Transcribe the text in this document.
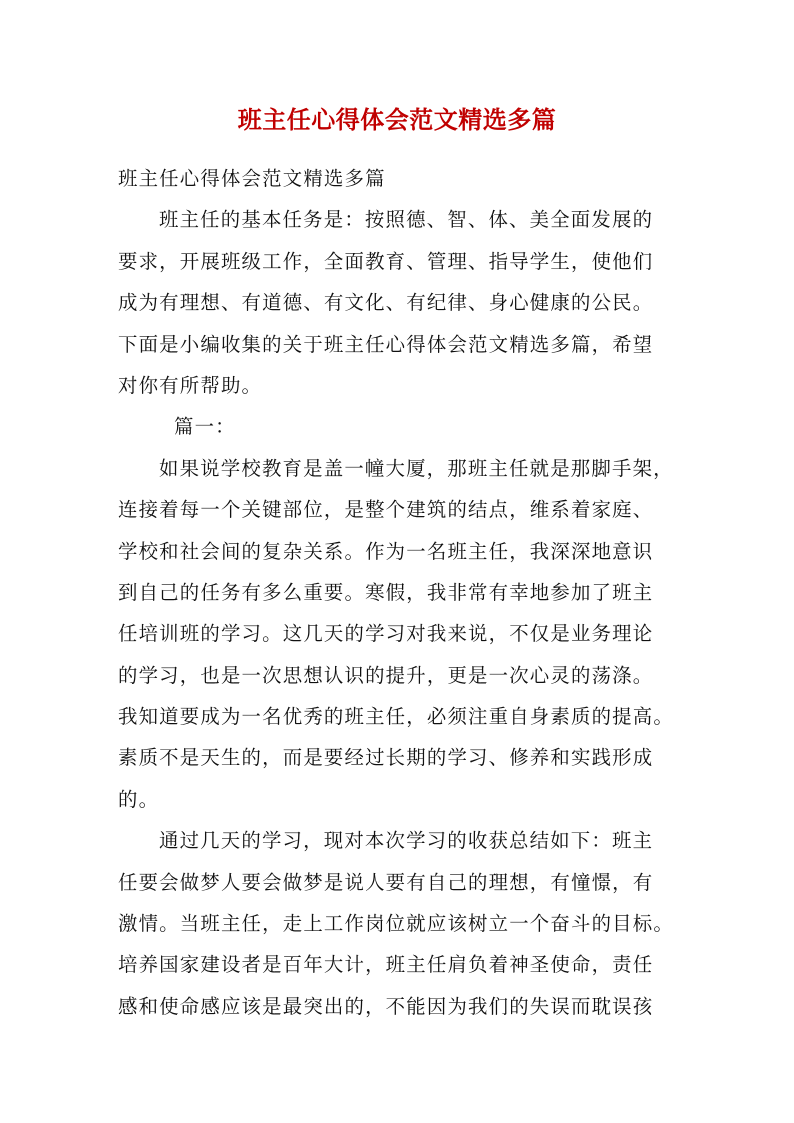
班主任心得体会范文精选多篇
班主任心得体会范文精选多篇
班主任的基本任务是：按照德、智、体、美全面发展的
要求，开展班级工作，全面教育、管理、指导学生，使他们
成为有理想、有道德、有文化、有纪律、身心健康的公民。
下面是小编收集的关于班主任心得体会范文精选多篇，希望
对你有所帮助。
篇一：
如果说学校教育是盖一幢大厦，那班主任就是那脚手架，
连接着每一个关键部位，是整个建筑的结点，维系着家庭、
学校和社会间的复杂关系。作为一名班主任，我深深地意识
到自己的任务有多么重要。寒假，我非常有幸地参加了班主
任培训班的学习。这几天的学习对我来说，不仅是业务理论
的学习，也是一次思想认识的提升，更是一次心灵的荡涤。
我知道要成为一名优秀的班主任，必须注重自身素质的提高。
素质不是天生的，而是要经过长期的学习、修养和实践形成
的。
通过几天的学习，现对本次学习的收获总结如下：班主
任要会做梦人要会做梦是说人要有自己的理想，有憧憬，有
激情。当班主任，走上工作岗位就应该树立一个奋斗的目标。
培养国家建设者是百年大计，班主任肩负着神圣使命，责任
感和使命感应该是最突出的，不能因为我们的失误而耽误孩
